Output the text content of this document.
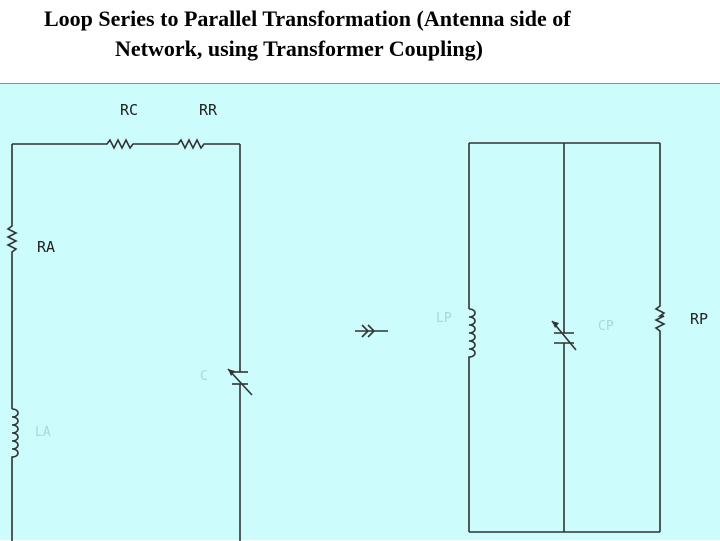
Loop Series to Parallel Transformation (Antenna side of
Network, using Transformer Coupling)
RC	RR
RA
C
LA
LP
CP	RP
